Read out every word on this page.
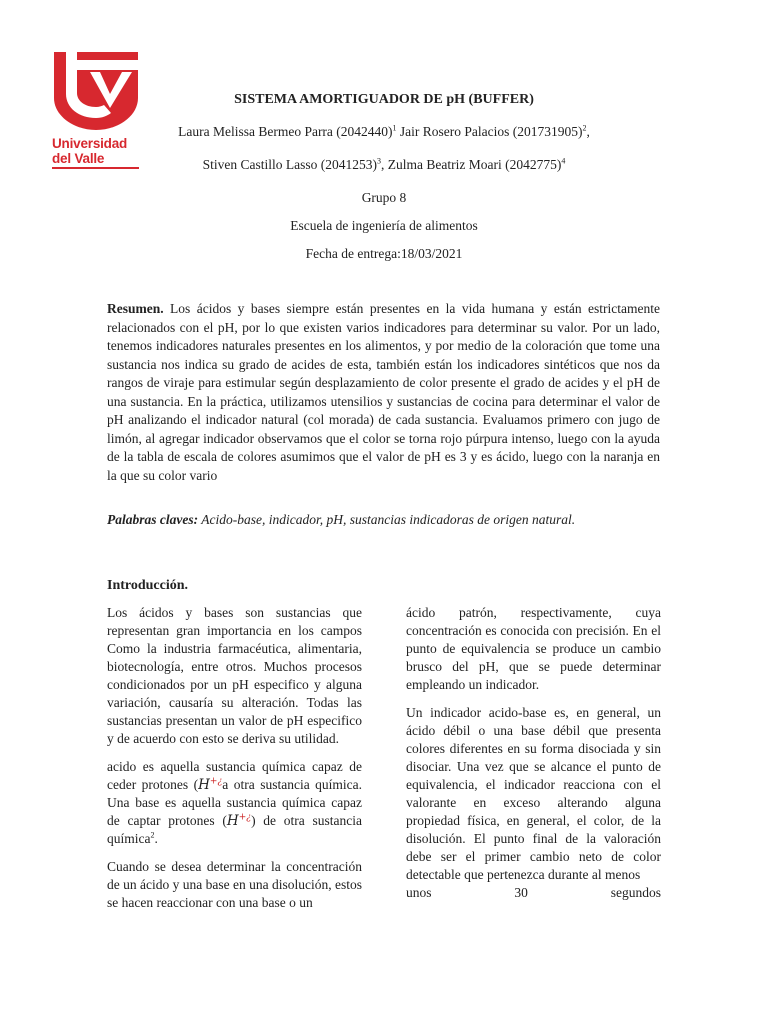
Universidad
del Valle
SISTEMA AMORTIGUADOR DE pH (BUFFER)
Laura Melissa Bermeo Parra $(2042440)^1$ Jair Rosero Palacios $(201731905)^2$,
Stiven Castillo Lasso $(2041253)^3$, Zulma Beatriz Moari $(2042775)^4$
Grupo 8
Escuela de ingeniería de alimentos
Fecha de entrega:18/03/2021

Resumen. Los ácidos y bases siempre están presentes en la vida humana y están estrictamente relacionados con el pH, por lo que existen varios indicadores para determinar su valor. Por un lado, tenemos indicadores naturales presentes en los alimentos, y por medio de la coloración que tome una sustancia nos indica su grado de acides de esta, también están los indicadores sintéticos que nos da rangos de viraje para estimular según desplazamiento de color presente el grado de acides y el pH de una sustancia. En la práctica, utilizamos utensilios y sustancias de cocina para determinar el valor de pH analizando el indicador natural (col morada) de cada sustancia. Evaluamos primero con jugo de limón, al agregar indicador observamos que el color se torna rojo púrpura intenso, luego con la ayuda de la tabla de escala de colores asumimos que el valor de pH es 3 y es ácido, luego con la naranja en la que su color vario

Palabras claves: Acido-base, indicador, pH, sustancias indicadoras de origen natural.
Introducción.

Los ácidos y bases son sustancias que representan gran importancia en los campos Como la industria farmacéutica, alimentaria, biotecnología, entre otros. Muchos procesos condicionados por un pH especifico y alguna variación, causaría su alteración. Todas las sustancias presentan un valor de pH especifico y de acuerdo con esto se deriva su utilidad.

acido es aquella sustancia química capaz de ceder protones (H+¿a otra sustancia química. Una base es aquella sustancia química capaz de captar protones (H+¿) de otra sustancia química$^2$.

Cuando se desea determinar la concentración de un ácido y una base en una disolución, estos se hacen reaccionar con una base o un

ácido patrón, respectivamente, cuya concentración es conocida con precisión. En el punto de equivalencia se produce un cambio brusco del pH, que se puede determinar empleando un indicador.

Un indicador acido-base es, en general, un ácido débil o una base débil que presenta colores diferentes en su forma disociada y sin disociar. Una vez que se alcance el punto de equivalencia, el indicador reacciona con el valorante en exceso alterando alguna propiedad física, en general, el color, de la disolución. El punto final de la valoración debe ser el primer cambio neto de color detectable que pertenezca durante al menos

unos	30	segundos
